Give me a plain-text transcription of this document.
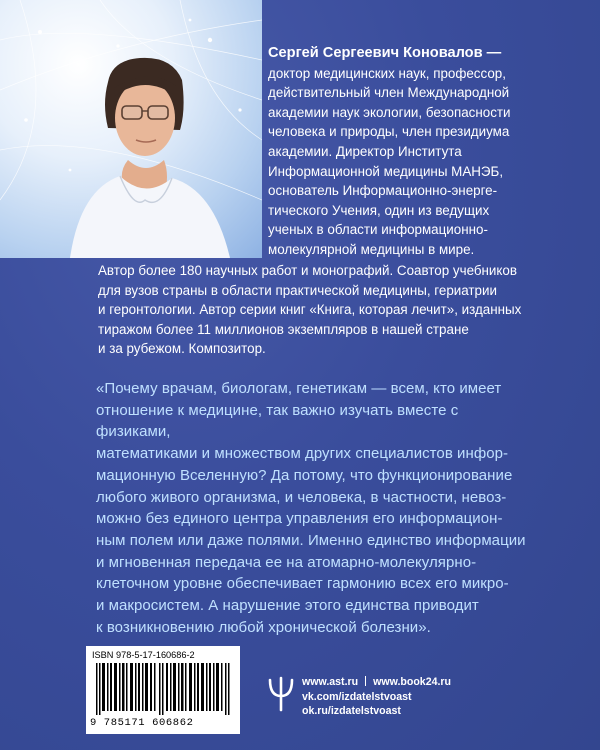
Сергей Сергеевич Коновалов —
доктор медицинских наук, профессор,
действительный член Международной
академии наук экологии, безопасности
человека и природы, член президиума
академии. Директор Института
Информационной медицины МАНЭБ,
основатель Информационно-энерге-
тического Учения, один из ведущих
ученых в области информационно-
молекулярной медицины в мире.
Автор более 180 научных работ и монографий. Соавтор учебников
для вузов страны в области практической медицины, гериатрии
и геронтологии. Автор серии книг «Книга, которая лечит», изданных
тиражом более 11 миллионов экземпляров в нашей стране
и за рубежом. Композитор.
«Почему врачам, биологам, генетикам — всем, кто имеет
отношение к медицине, так важно изучать вместе с физиками,
математиками и множеством других специалистов инфор-
мационную Вселенную? Да потому, что функционирование
любого живого организма, и человека, в частности, невоз-
можно без единого центра управления его информацион-
ным полем или даже полями. Именно единство информации
и мгновенная передача ее на атомарно-молекулярно-
клеточном уровне обеспечивает гармонию всех его микро-
и макросистем. А нарушение этого единства приводит
к возникновению любой хронической болезни».
ISBN 978-5-17-160686-2
9 785171 606862
www.ast.ru www.book24.ru
vk.com/izdatelstvoast
ok.ru/izdatelstvoast
